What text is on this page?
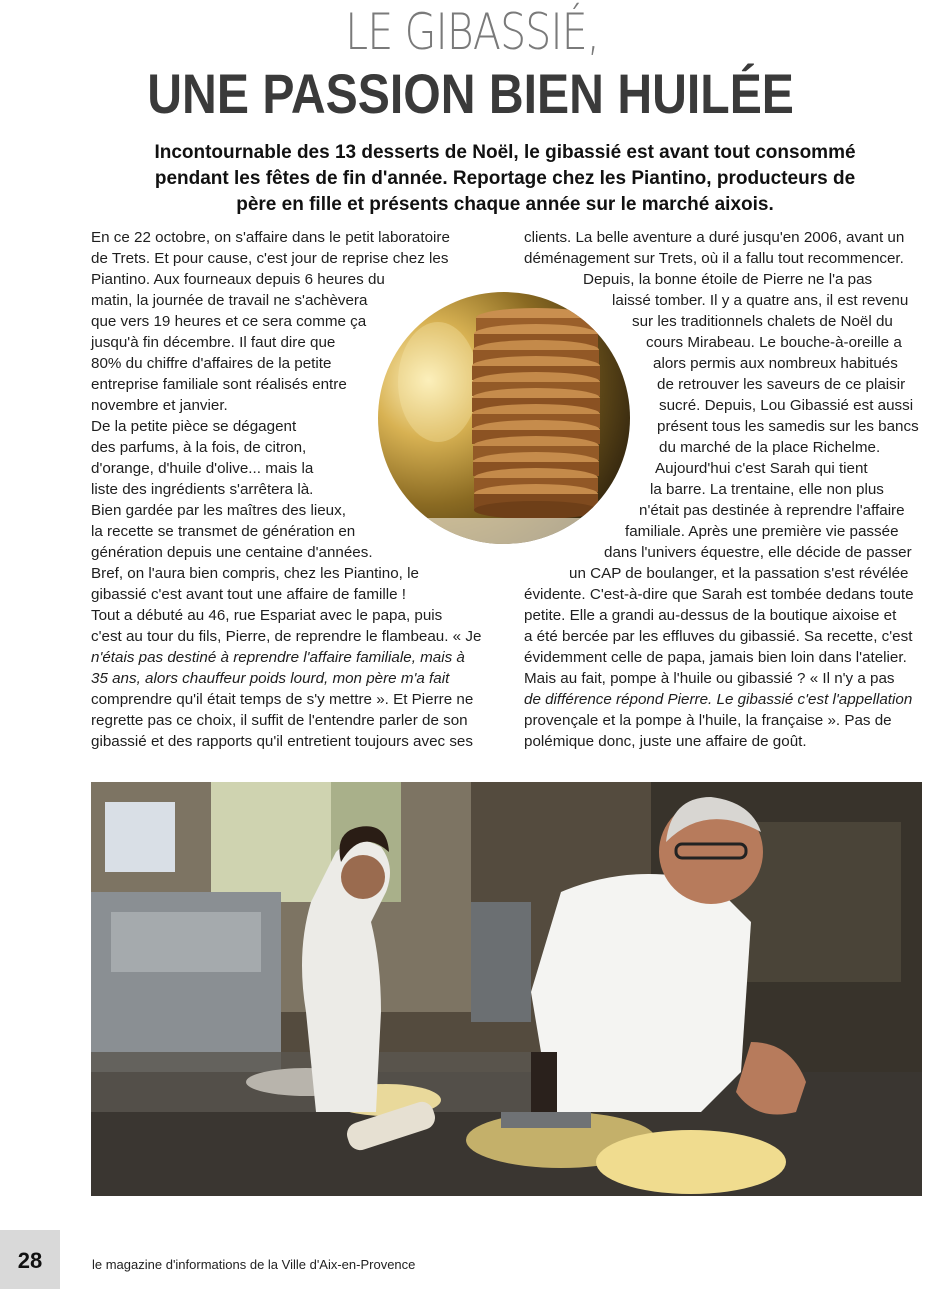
LE GIBASSIÉ,
UNE PASSION BIEN HUILÉE
Incontournable des 13 desserts de Noël, le gibassié est avant tout consommé pendant les fêtes de fin d'année. Reportage chez les Piantino, producteurs de père en fille et présents chaque année sur le marché aixois.
En ce 22 octobre, on s'affaire dans le petit laboratoire
de Trets. Et pour cause, c'est jour de reprise chez les
Piantino. Aux fourneaux depuis 6 heures du
matin, la journée de travail ne s'achèvera
que vers 19 heures et ce sera comme ça
jusqu'à fin décembre. Il faut dire que
80% du chiffre d'affaires de la petite
entreprise familiale sont réalisés entre
novembre et janvier.
De la petite pièce se dégagent
des parfums, à la fois, de citron,
d'orange, d'huile d'olive... mais la
liste des ingrédients s'arrêtera là.
Bien gardée par les maîtres des lieux,
la recette se transmet de génération en
génération depuis une centaine d'années.
Bref, on l'aura bien compris, chez les Piantino, le
gibassié c'est avant tout une affaire de famille !
Tout a débuté au 46, rue Espariat avec le papa, puis
c'est au tour du fils, Pierre, de reprendre le flambeau. « Je
n'étais pas destiné à reprendre l'affaire familiale, mais à
35 ans, alors chauffeur poids lourd, mon père m'a fait
comprendre qu'il était temps de s'y mettre ». Et Pierre ne
regrette pas ce choix, il suffit de l'entendre parler de son
gibassié et des rapports qu'il entretient toujours avec ses
clients. La belle aventure a duré jusqu'en 2006, avant un
déménagement sur Trets, où il a fallu tout recommencer.
Depuis, la bonne étoile de Pierre ne l'a pas
laissé tomber. Il y a quatre ans, il est revenu
sur les traditionnels chalets de Noël du
cours Mirabeau. Le bouche-à-oreille a
alors permis aux nombreux habitués
de retrouver les saveurs de ce plaisir
sucré. Depuis, Lou Gibassié est aussi
présent tous les samedis sur les bancs
du marché de la place Richelme.
Aujourd'hui c'est Sarah qui tient
la barre. La trentaine, elle non plus
n'était pas destinée à reprendre l'affaire
familiale. Après une première vie passée
dans l'univers équestre, elle décide de passer
un CAP de boulanger, et la passation s'est révélée
évidente. C'est-à-dire que Sarah est tombée dedans toute
petite. Elle a grandi au-dessus de la boutique aixoise et
a été bercée par les effluves du gibassié. Sa recette, c'est
évidemment celle de papa, jamais bien loin dans l'atelier.
Mais au fait, pompe à l'huile ou gibassié ? « Il n'y a pas
de différence répond Pierre. Le gibassié c'est l'appellation
provençale et la pompe à l'huile, la française ». Pas de
polémique donc, juste une affaire de goût.
28	le magazine d'informations de la Ville d'Aix-en-Provence
